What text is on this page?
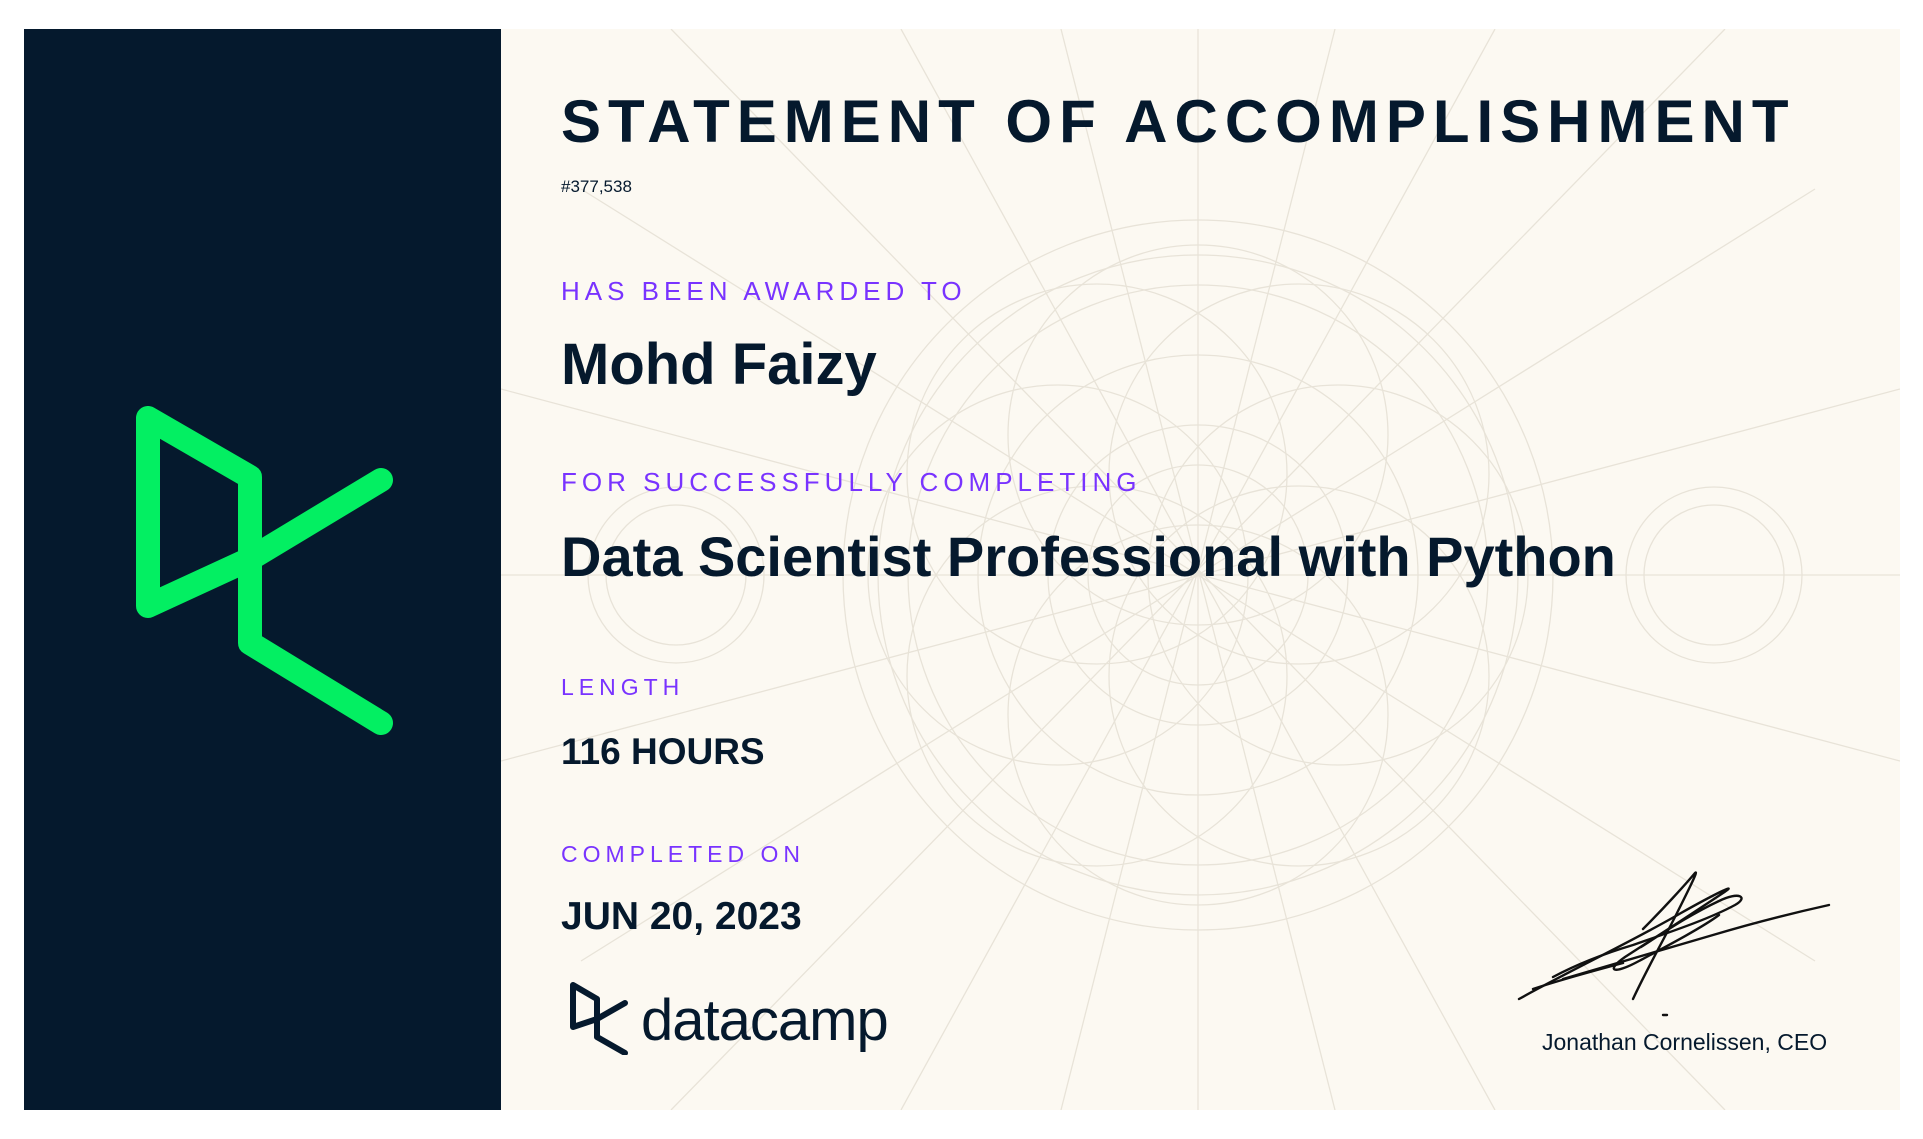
STATEMENT OF ACCOMPLISHMENT
#377,538
HAS BEEN AWARDED TO
Mohd Faizy
FOR SUCCESSFULLY COMPLETING
Data Scientist Professional with Python
LENGTH
116 HOURS
COMPLETED ON
JUN 20, 2023
datacamp	Jonathan Cornelissen, CEO
